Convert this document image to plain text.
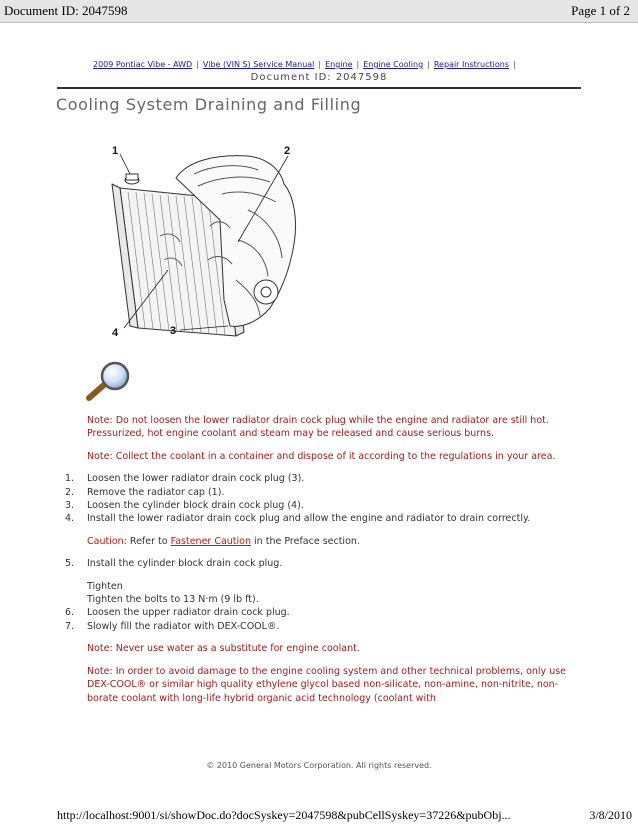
Document ID: 2047598	Page 1 of 2
2009 Pontiac Vibe - AWD | Vibe (VIN S) Service Manual | Engine | Engine Cooling | Repair Instructions |
Document ID: 2047598
Cooling System Draining and Filling
1	2
3
4

Note: Do not loosen the lower radiator drain cock plug while the engine and radiator are still hot. Pressurized, hot engine coolant and steam may be released and cause serious burns.

Note: Collect the coolant in a container and dispose of it according to the regulations in your area.

1. Loosen the lower radiator drain cock plug (3).
2. Remove the radiator cap (1).
3. Loosen the cylinder block drain cock plug (4).
4. Install the lower radiator drain cock plug and allow the engine and radiator to drain correctly.

Caution: Refer to Fastener Caution in the Preface section.

5. Install the cylinder block drain cock plug.

Tighten

Tighten the bolts to 13 N·m (9 lb ft).

6. Loosen the upper radiator drain cock plug.
7. Slowly fill the radiator with DEX-COOL®.

Note: Never use water as a substitute for engine coolant.

Note: In order to avoid damage to the engine cooling system and other technical problems, only use DEX-COOL® or similar high quality ethylene glycol based non-silicate, non-amine, non-nitrite, non-borate coolant with long-life hybrid organic acid technology (coolant with

© 2010 General Motors Corporation. All rights reserved.
http://localhost:9001/si/showDoc.do?docSyskey=2047598&pubCellSyskey=37226&pubObj...	3/8/2010
